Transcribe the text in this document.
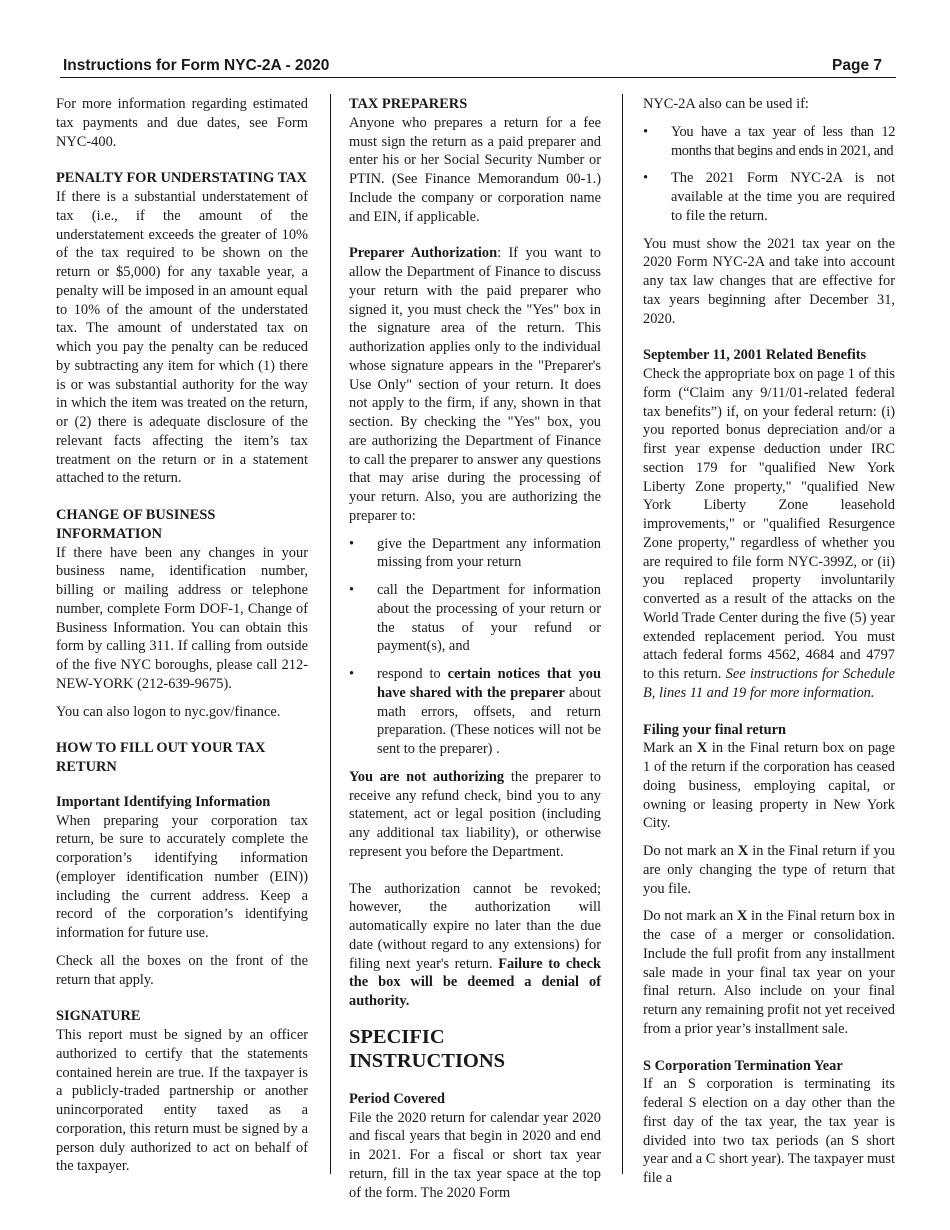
Instructions for Form NYC-2A - 2020	Page 7

For more information regarding estimated tax payments and due dates, see Form NYC-400.

PENALTY FOR UNDERSTATING TAX

If there is a substantial understatement of tax (i.e., if the amount of the understatement exceeds the greater of 10% of the tax required to be shown on the return or $5,000) for any taxable year, a penalty will be imposed in an amount equal to 10% of the amount of the understated tax. The amount of understated tax on which you pay the penalty can be reduced by subtracting any item for which (1) there is or was substantial authority for the way in which the item was treated on the return, or (2) there is adequate disclosure of the relevant facts affecting the item’s tax treatment on the return or in a statement attached to the return.

CHANGE OF BUSINESS INFORMATION

If there have been any changes in your business name, identification number, billing or mailing address or telephone number, complete Form DOF-1, Change of Business Information. You can obtain this form by calling 311. If calling from outside of the five NYC boroughs, please call 212-NEW-YORK (212-639-9675).

You can also logon to nyc.gov/finance.

HOW TO FILL OUT YOUR TAX RETURN
Important Identifying Information

When preparing your corporation tax return, be sure to accurately complete the corporation’s identifying information (employer identification number (EIN)) including the current address. Keep a record of the corporation’s identifying information for future use.

Check all the boxes on the front of the return that apply.

SIGNATURE

This report must be signed by an officer authorized to certify that the statements contained herein are true. If the taxpayer is a publicly-traded partnership or another unincorporated entity taxed as a corporation, this return must be signed by a person duly authorized to act on behalf of the taxpayer.

TAX PREPARERS

Anyone who prepares a return for a fee must sign the return as a paid preparer and enter his or her Social Security Number or PTIN. (See Finance Memorandum 00-1.) Include the company or corporation name and EIN, if applicable.

Preparer Authorization: If you want to allow the Department of Finance to discuss your return with the paid preparer who signed it, you must check the "Yes" box in the signature area of the return. This authorization applies only to the individual whose signature appears in the "Preparer's Use Only" section of your return. It does not apply to the firm, if any, shown in that section. By checking the "Yes" box, you are authorizing the Department of Finance to call the preparer to answer any questions that may arise during the processing of your return. Also, you are authorizing the preparer to:

• give the Department any information missing from your return
• call the Department for information about the processing of your return or the status of your refund or payment(s), and
• respond to certain notices that you have shared with the preparer about math errors, offsets, and return preparation. (These notices will not be sent to the preparer) .

You are not authorizing the preparer to receive any refund check, bind you to any statement, act or legal position (including any additional tax liability), or otherwise represent you before the Department.

The authorization cannot be revoked; however, the authorization will automatically expire no later than the due date (without regard to any extensions) for filing next year's return. Failure to check the box will be deemed a denial of authority.

SPECIFIC INSTRUCTIONS
Period Covered

File the 2020 return for calendar year 2020 and fiscal years that begin in 2020 and end in 2021. For a fiscal or short tax year return, fill in the tax year space at the top of the form. The 2020 Form

NYC-2A also can be used if:

• You have a tax year of less than 12 months that begins and ends in 2021, and
• The 2021 Form NYC-2A is not available at the time you are required to file the return.

You must show the 2021 tax year on the 2020 Form NYC-2A and take into account any tax law changes that are effective for tax years beginning after December 31, 2020.

September 11, 2001 Related Benefits

Check the appropriate box on page 1 of this form (“Claim any 9/11/01-related federal tax benefits”) if, on your federal return: (i) you reported bonus depreciation and/or a first year expense deduction under IRC section 179 for "qualified New York Liberty Zone property," "qualified New York Liberty Zone leasehold improvements," or "qualified Resurgence Zone property," regardless of whether you are required to file form NYC-399Z, or (ii) you replaced property involuntarily converted as a result of the attacks on the World Trade Center during the five (5) year extended replacement period. You must attach federal forms 4562, 4684 and 4797 to this return. See instructions for Schedule B, lines 11 and 19 for more information.

Filing your final return

Mark an X in the Final return box on page 1 of the return if the corporation has ceased doing business, employing capital, or owning or leasing property in New York City.

Do not mark an X in the Final return if you are only changing the type of return that you file.

Do not mark an X in the Final return box in the case of a merger or consolidation. Include the full profit from any installment sale made in your final tax year on your final return. Also include on your final return any remaining profit not yet received from a prior year’s installment sale.

S Corporation Termination Year

If an S corporation is terminating its federal S election on a day other than the first day of the tax year, the tax year is divided into two tax periods (an S short year and a C short year). The taxpayer must file a
